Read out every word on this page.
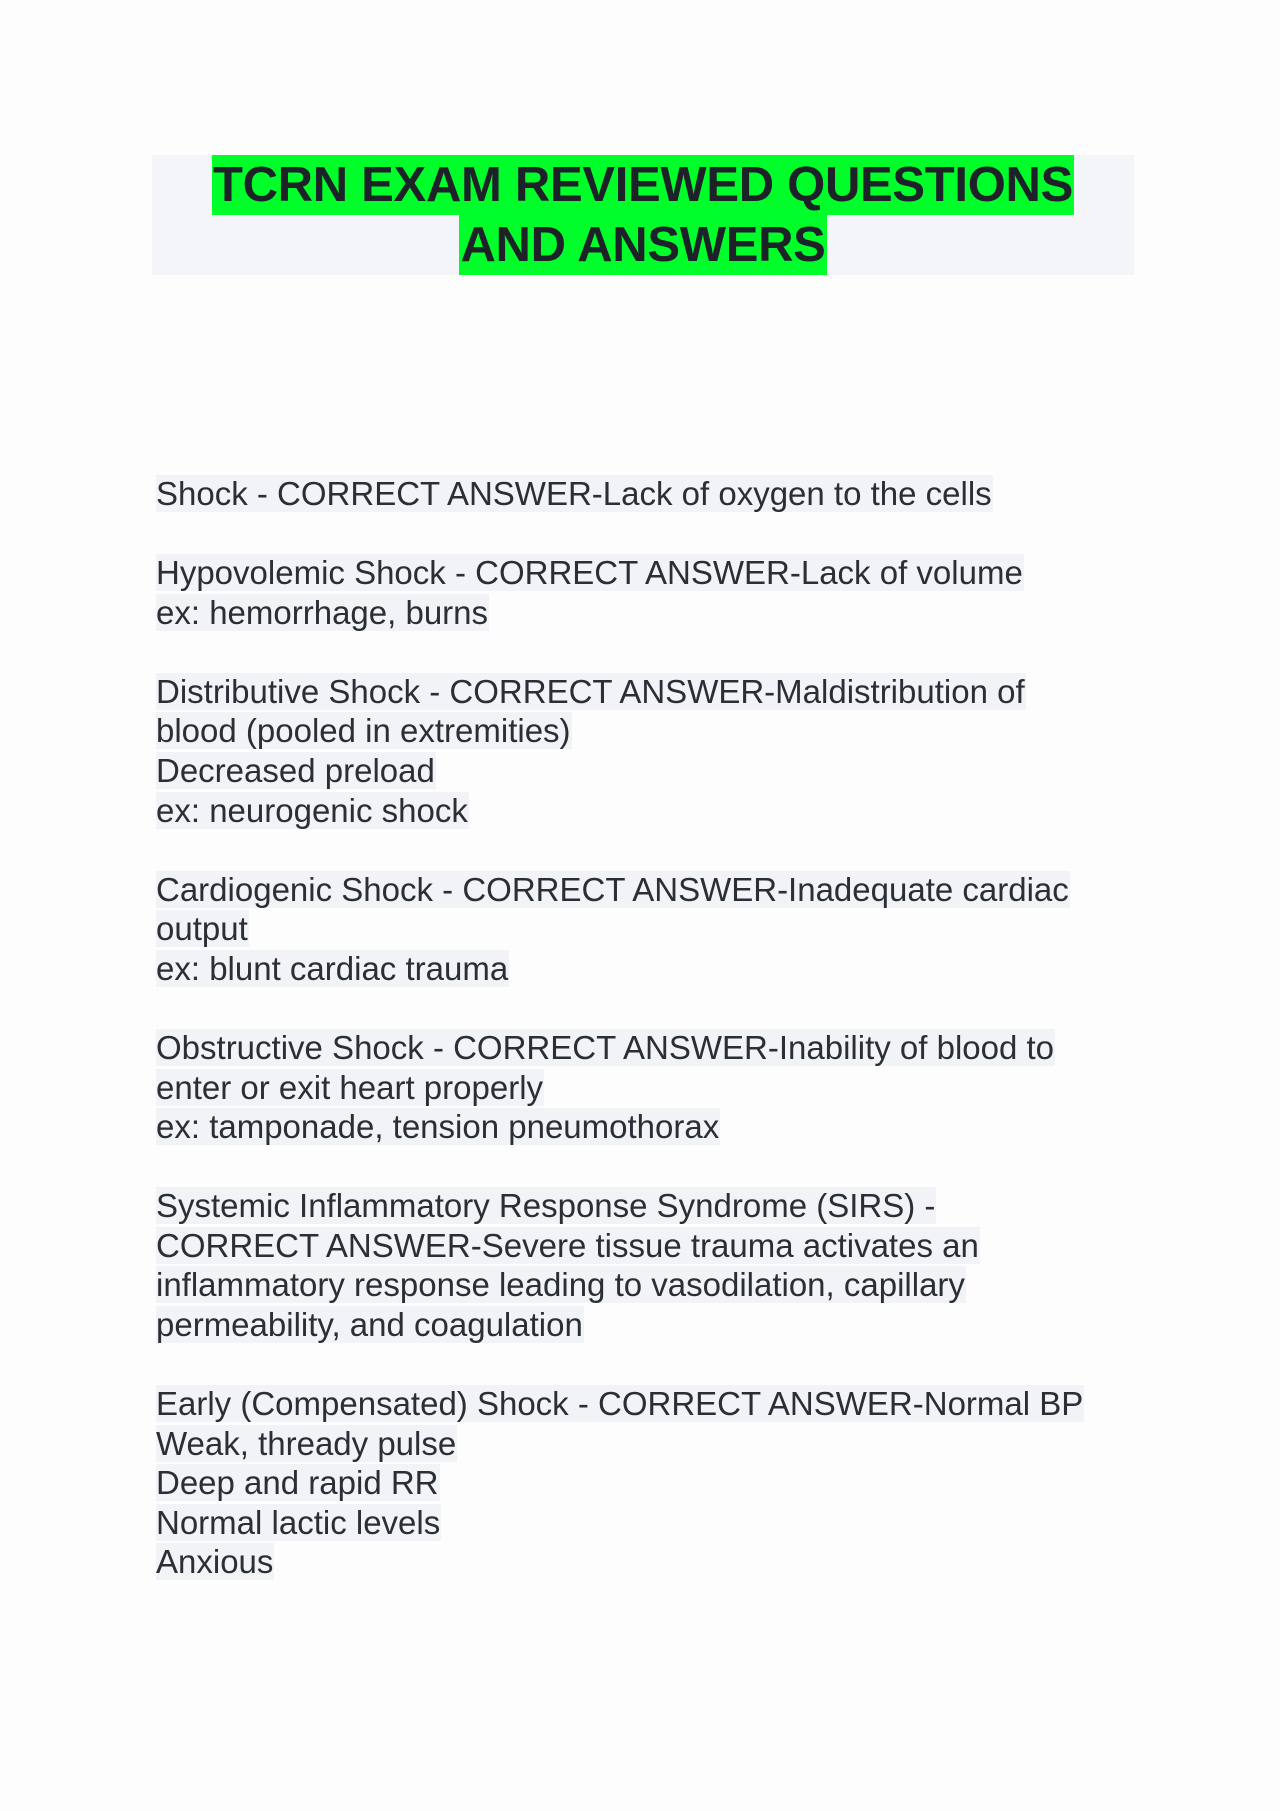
TCRN EXAM REVIEWED QUESTIONS
AND ANSWERS
Shock - CORRECT ANSWER-Lack of oxygen to the cells
Hypovolemic Shock - CORRECT ANSWER-Lack of volume
ex: hemorrhage, burns
Distributive Shock - CORRECT ANSWER-Maldistribution of
blood (pooled in extremities)
Decreased preload
ex: neurogenic shock
Cardiogenic Shock - CORRECT ANSWER-Inadequate cardiac
output
ex: blunt cardiac trauma
Obstructive Shock - CORRECT ANSWER-Inability of blood to
enter or exit heart properly
ex: tamponade, tension pneumothorax
Systemic Inflammatory Response Syndrome (SIRS) -
CORRECT ANSWER-Severe tissue trauma activates an
inflammatory response leading to vasodilation, capillary
permeability, and coagulation
Early (Compensated) Shock - CORRECT ANSWER-Normal BP
Weak, thready pulse
Deep and rapid RR
Normal lactic levels
Anxious
